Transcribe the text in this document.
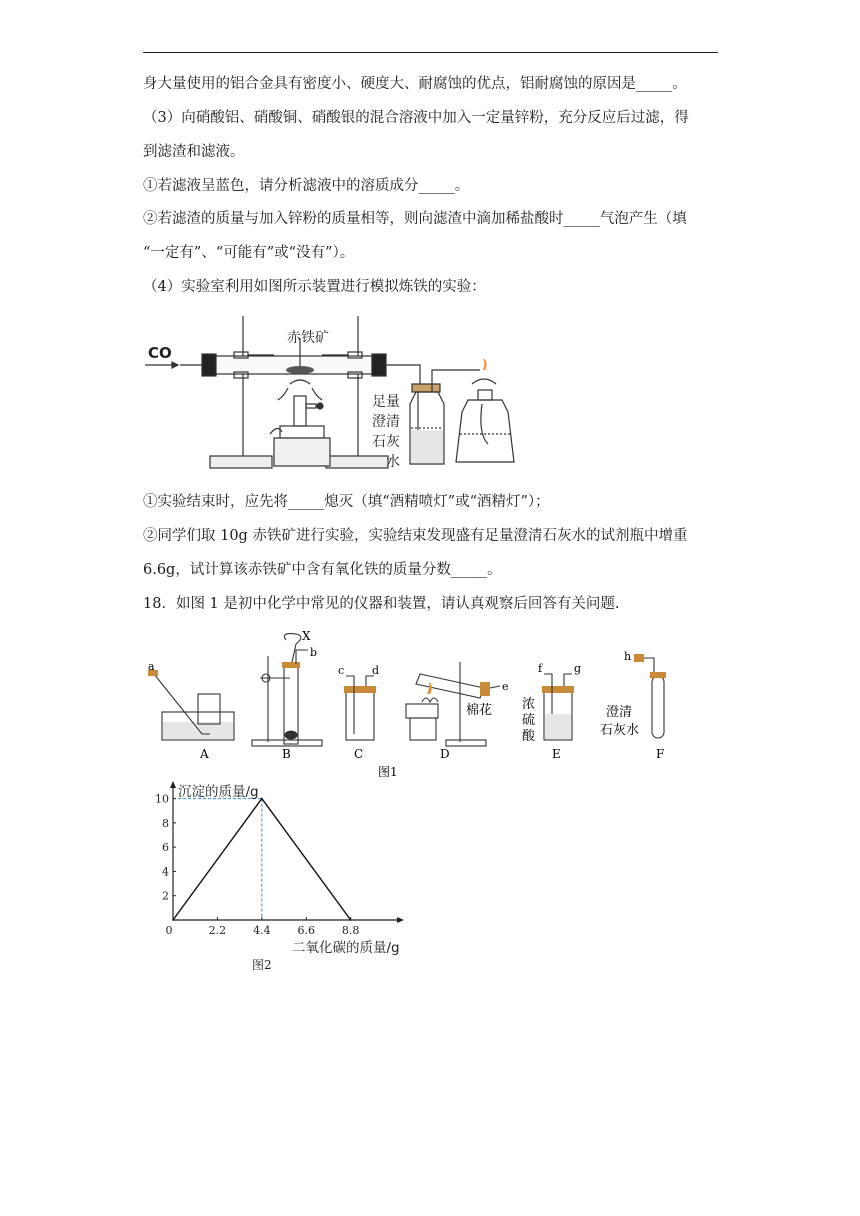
身大量使用的铝合金具有密度小、硬度大、耐腐蚀的优点，铝耐腐蚀的原因是_____。
（3）向硝酸铝、硝酸铜、硝酸银的混合溶液中加入一定量锌粉，充分反应后过滤，得
到滤渣和滤液。
①若滤液呈蓝色，请分析滤液中的溶质成分_____。
②若滤渣的质量与加入锌粉的质量相等，则向滤渣中滴加稀盐酸时_____气泡产生（填
“一定有”、“可能有”或“没有”）。
（4）实验室利用如图所示装置进行模拟炼铁的实验：
CO
赤铁矿
足量
澄清
石灰
水
①实验结束时，应先将_____熄灭（填“酒精喷灯”或“酒精灯”）；
②同学们取 10g 赤铁矿进行实验，实验结束发现盛有足量澄清石灰水的试剂瓶中增重
6.6g，试计算该赤铁矿中含有氧化铁的质量分数_____。
18．如图 1 是初中化学中常见的仪器和装置，请认真观察后回答有关问题.
a
X
b
c	d
e
棉花
f	g
浓
硫
酸
h
澄清
石灰水
A	B	C	D	E	F
图1
0	2.2 4.4 6.6 8.8
2
4
6
8
10 沉淀的质量/g
二氧化碳的质量/g
图2
